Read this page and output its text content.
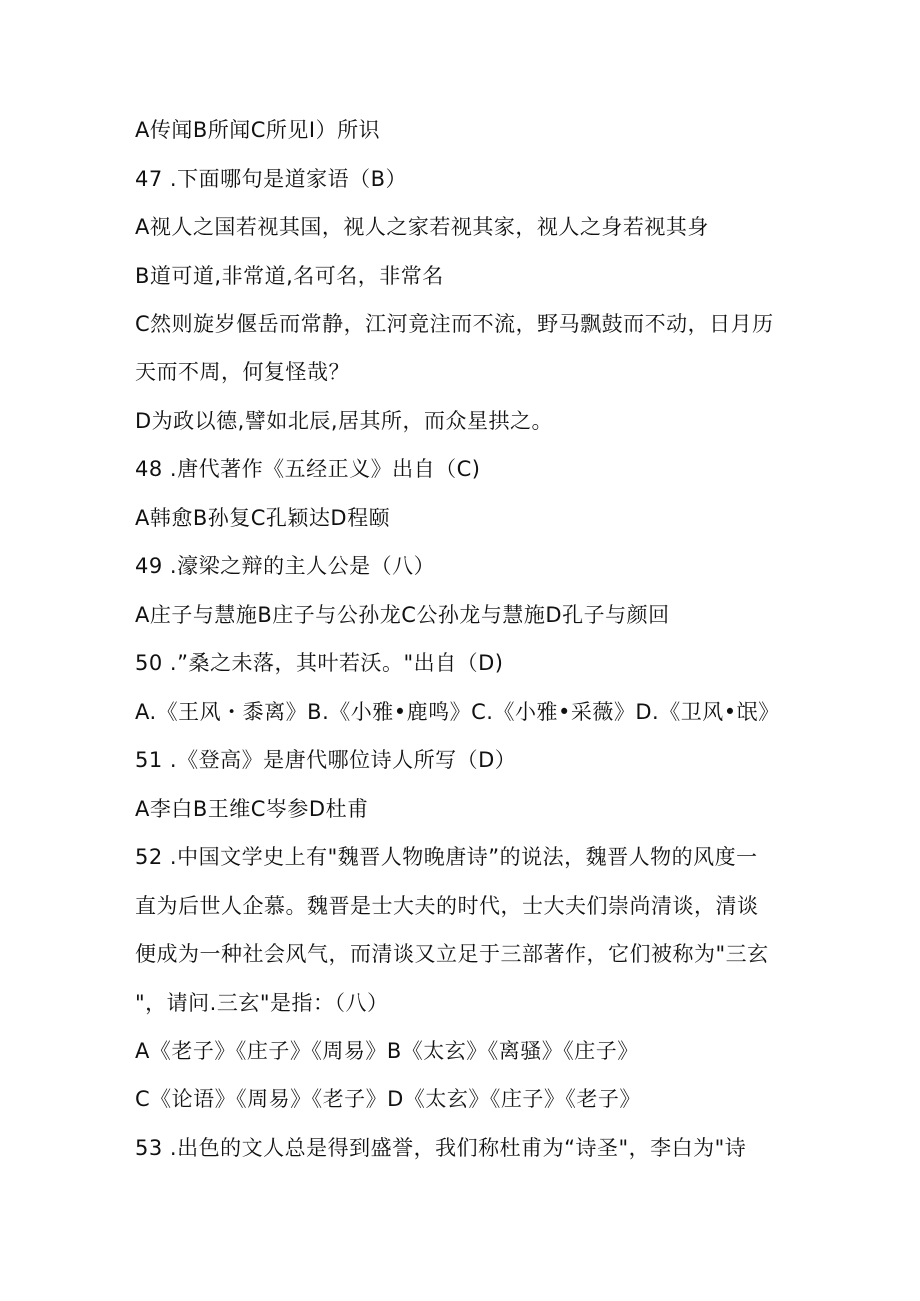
A传闻B所闻C所见I）所识
47 .下面哪句是道家语（B）
A视人之国若视其国，视人之家若视其家，视人之身若视其身
B道可道,非常道,名可名，非常名
C然则旋岁偃岳而常静，江河竟注而不流，野马飘鼓而不动，日月历
天而不周，何复怪哉？
D为政以德,譬如北辰,居其所，而众星拱之。
48 .唐代著作《五经正义》出自（C)
A韩愈B孙复C孔颖达D程颐
49 .濠梁之辩的主人公是（八）
A庄子与慧施B庄子与公孙龙C公孙龙与慧施D孔子与颜回
50 .”桑之未落，其叶若沃。"出自（D)
A.《王风・黍离》B.《小雅•鹿鸣》C.《小雅•采薇》D.《卫风•氓》
51 .《登高》是唐代哪位诗人所写（D）
A李白B王维C岑参D杜甫
52 .中国文学史上有"魏晋人物晚唐诗”的说法，魏晋人物的风度一
直为后世人企慕。魏晋是士大夫的时代，士大夫们崇尚清谈，清谈
便成为一种社会风气，而清谈又立足于三部著作，它们被称为"三玄
"，请问.三玄"是指：（八）
A《老子》《庄子》《周易》B《太玄》《离骚》《庄子》
C《论语》《周易》《老子》D《太玄》《庄子》《老子》
53 .出色的文人总是得到盛誉，我们称杜甫为“诗圣"，李白为"诗
